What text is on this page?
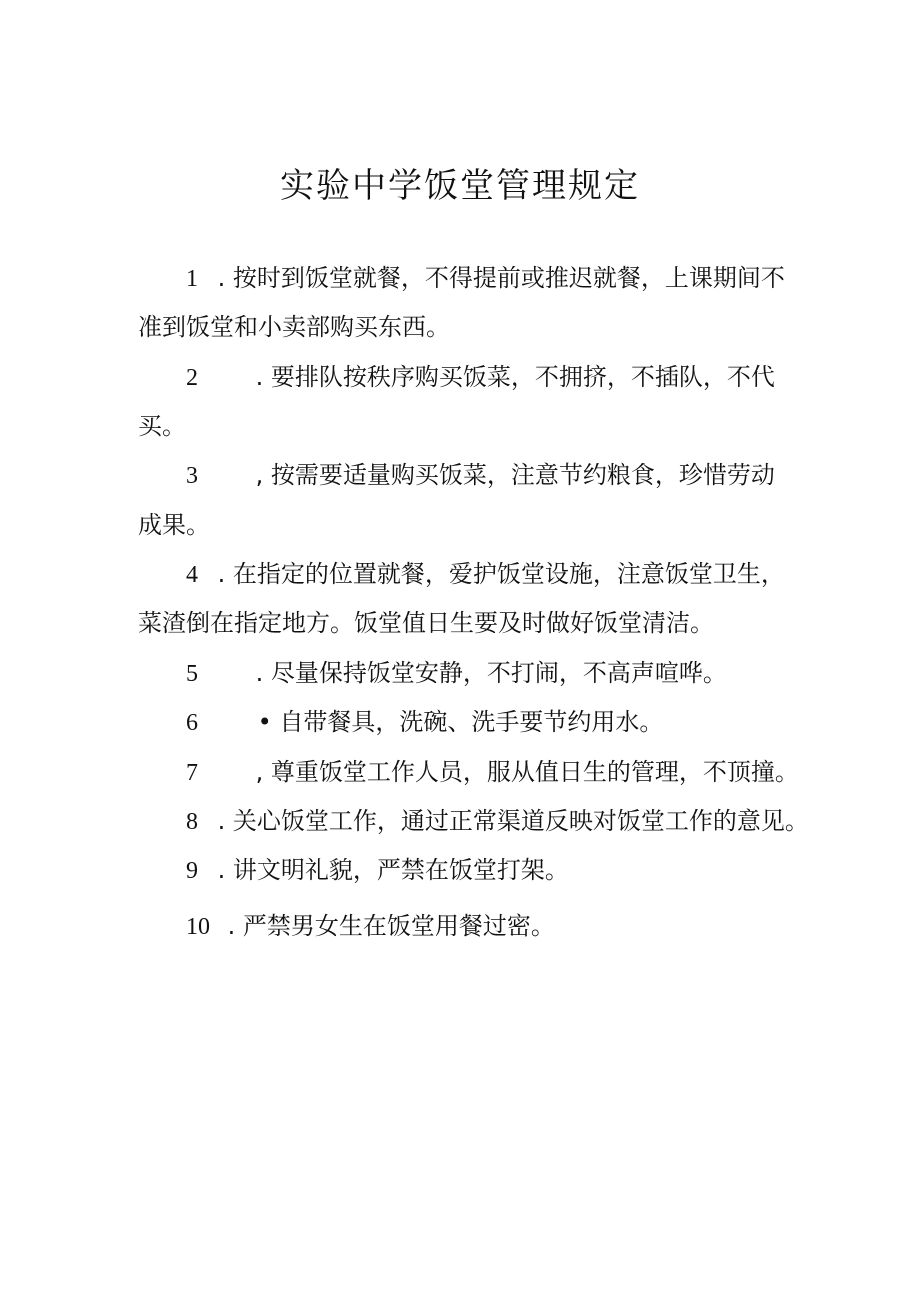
实验中学饭堂管理规定
1 . 按时到饭堂就餐，不得提前或推迟就餐，上课期间不
准到饭堂和小卖部购买东西。
2 . 要排队按秩序购买饭菜，不拥挤，不插队，不代
买。
3 , 按需要适量购买饭菜，注意节约粮食，珍惜劳动
成果。
4 . 在指定的位置就餐，爱护饭堂设施，注意饭堂卫生，
菜渣倒在指定地方。饭堂值日生要及时做好饭堂清洁。
5 . 尽量保持饭堂安静，不打闹，不高声喧哗。
6 • 自带餐具，洗碗、洗手要节约用水。
7 , 尊重饭堂工作人员，服从值日生的管理，不顶撞。
8 . 关心饭堂工作，通过正常渠道反映对饭堂工作的意见。
9 . 讲文明礼貌，严禁在饭堂打架。
10 . 严禁男女生在饭堂用餐过密。
